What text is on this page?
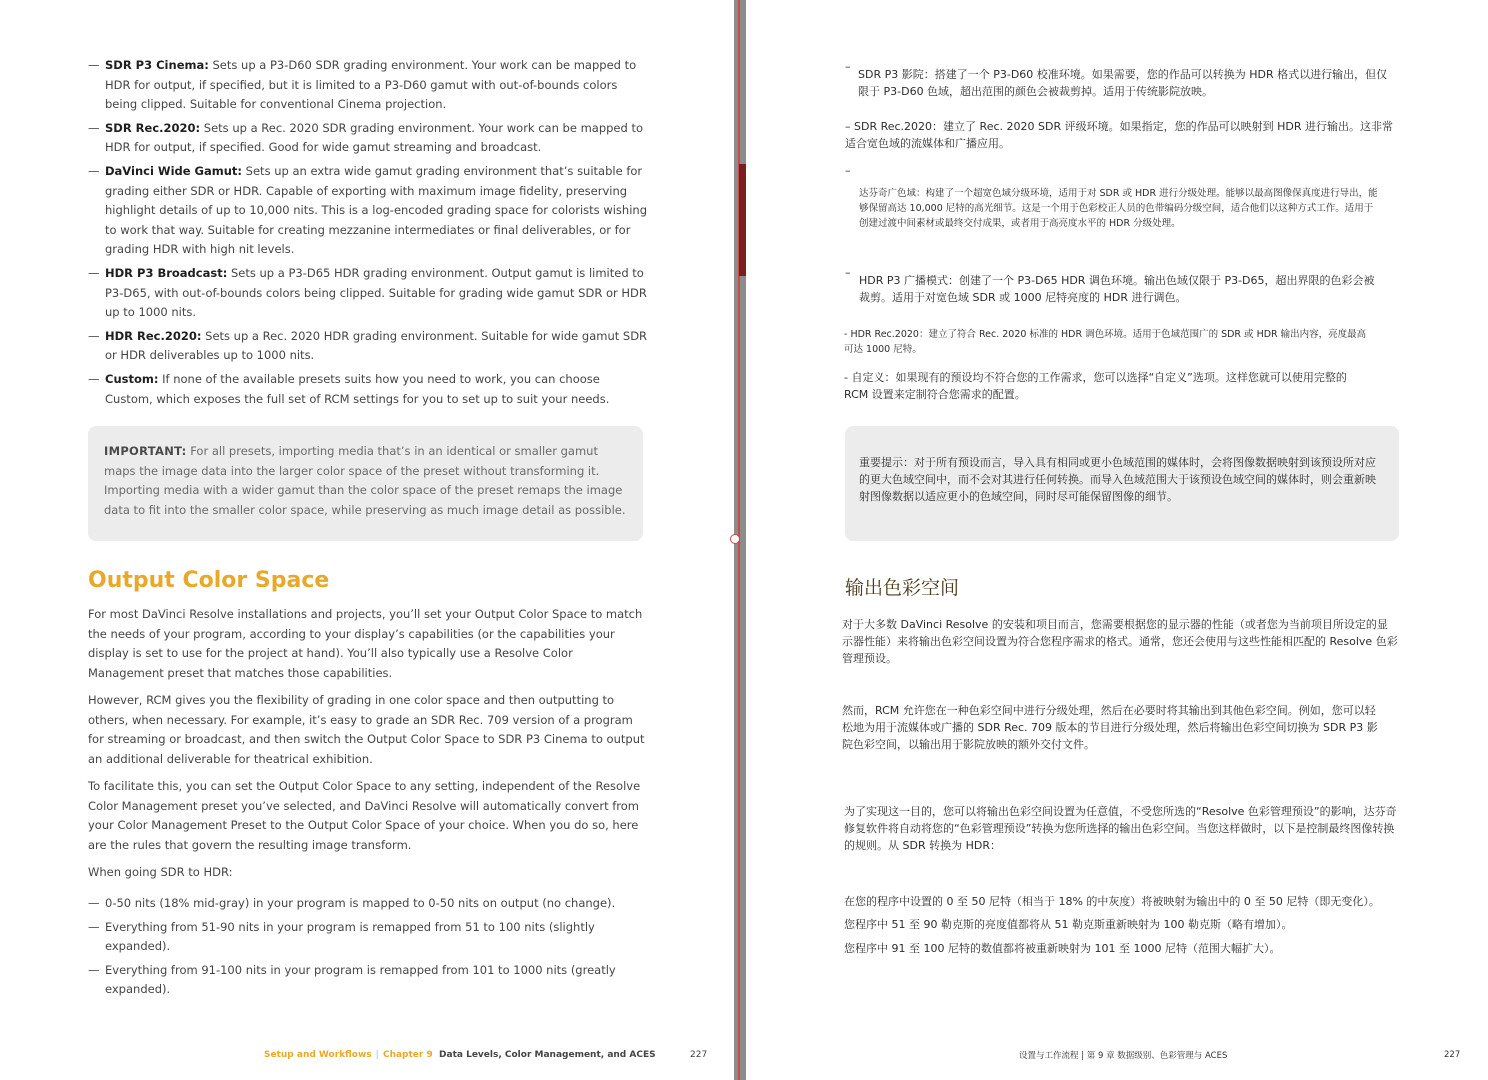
— SDR P3 Cinema: Sets up a P3-D60 SDR grading environment. Your work can be mapped to HDR for output, if specified, but it is limited to a P3-D60 gamut with out-of-bounds colors being clipped. Suitable for conventional Cinema projection.
— SDR Rec.2020: Sets up a Rec. 2020 SDR grading environment. Your work can be mapped to HDR for output, if specified. Good for wide gamut streaming and broadcast.
— DaVinci Wide Gamut: Sets up an extra wide gamut grading environment that’s suitable for grading either SDR or HDR. Capable of exporting with maximum image fidelity, preserving highlight details of up to 10,000 nits. This is a log-encoded grading space for colorists wishing to work that way. Suitable for creating mezzanine intermediates or final deliverables, or for grading HDR with high nit levels.
— HDR P3 Broadcast: Sets up a P3-D65 HDR grading environment. Output gamut is limited to P3-D65, with out-of-bounds colors being clipped. Suitable for grading wide gamut SDR or HDR up to 1000 nits.
— HDR Rec.2020: Sets up a Rec. 2020 HDR grading environment. Suitable for wide gamut SDR or HDR deliverables up to 1000 nits.
— Custom: If none of the available presets suits how you need to work, you can choose Custom, which exposes the full set of RCM settings for you to set up to suit your needs.
IMPORTANT: For all presets, importing media that’s in an identical or smaller gamut maps the image data into the larger color space of the preset without transforming it. Importing media with a wider gamut than the color space of the preset remaps the image data to fit into the smaller color space, while preserving as much image detail as possible.
Output Color Space

For most DaVinci Resolve installations and projects, you’ll set your Output Color Space to match the needs of your program, according to your display’s capabilities (or the capabilities your display is set to use for the project at hand). You’ll also typically use a Resolve Color Management preset that matches those capabilities.

However, RCM gives you the flexibility of grading in one color space and then outputting to others, when necessary. For example, it’s easy to grade an SDR Rec. 709 version of a program for streaming or broadcast, and then switch the Output Color Space to SDR P3 Cinema to output an additional deliverable for theatrical exhibition.

To facilitate this, you can set the Output Color Space to any setting, independent of the Resolve Color Management preset you’ve selected, and DaVinci Resolve will automatically convert from your Color Management Preset to the Output Color Space of your choice. When you do so, here are the rules that govern the resulting image transform.

When going SDR to HDR:

— 0-50 nits (18% mid-gray) in your program is mapped to 0-50 nits on output (no change).
— Everything from 51-90 nits in your program is remapped from 51 to 100 nits (slightly expanded).
— Everything from 91-100 nits in your program is remapped from 101 to 1000 nits (greatly expanded).
Setup and Workflows | Chapter 9 Data Levels, Color Management, and ACES	227
–

SDR P3 影院：搭建了一个 P3-D60 校准环境。如果需要，您的作品可以转换为 HDR 格式以进行输出，但仅限于 P3-D60 色域，超出范围的颜色会被裁剪掉。适用于传统影院放映。

– SDR Rec.2020：建立了 Rec. 2020 SDR 评级环境。如果指定，您的作品可以映射到 HDR 进行输出。这非常适合宽色域的流媒体和广播应用。

–

达芬奇广色域：构建了一个超宽色域分级环境，适用于对 SDR 或 HDR 进行分级处理。能够以最高图像保真度进行导出，能够保留高达 10,000 尼特的高光细节。这是一个用于色彩校正人员的色带编码分级空间，适合他们以这种方式工作。适用于创建过渡中间素材或最终交付成果，或者用于高亮度水平的 HDR 分级处理。

–

HDR P3 广播模式：创建了一个 P3-D65 HDR 调色环境。输出色域仅限于 P3-D65，超出界限的色彩会被裁剪。适用于对宽色域 SDR 或 1000 尼特亮度的 HDR 进行调色。

- HDR Rec.2020：建立了符合 Rec. 2020 标准的 HDR 调色环境。适用于色域范围广的 SDR 或 HDR 输出内容，亮度最高可达 1000 尼特。

- 自定义：如果现有的预设均不符合您的工作需求，您可以选择“自定义”选项。这样您就可以使用完整的 RCM 设置来定制符合您需求的配置。

重要提示：对于所有预设而言，导入具有相同或更小色域范围的媒体时，会将图像数据映射到该预设所对应的更大色域空间中，而不会对其进行任何转换。而导入色域范围大于该预设色域空间的媒体时，则会重新映射图像数据以适应更小的色域空间，同时尽可能保留图像的细节。
输出色彩空间

对于大多数 DaVinci Resolve 的安装和项目而言，您需要根据您的显示器的性能（或者您为当前项目所设定的显示器性能）来将输出色彩空间设置为符合您程序需求的格式。通常，您还会使用与这些性能相匹配的 Resolve 色彩管理预设。

然而，RCM 允许您在一种色彩空间中进行分级处理，然后在必要时将其输出到其他色彩空间。例如，您可以轻松地为用于流媒体或广播的 SDR Rec. 709 版本的节目进行分级处理，然后将输出色彩空间切换为 SDR P3 影院色彩空间，以输出用于影院放映的额外交付文件。

为了实现这一目的，您可以将输出色彩空间设置为任意值，不受您所选的“Resolve 色彩管理预设”的影响，达芬奇修复软件将自动将您的“色彩管理预设”转换为您所选择的输出色彩空间。当您这样做时，以下是控制最终图像转换的规则。从 SDR 转换为 HDR：

在您的程序中设置的 0 至 50 尼特（相当于 18% 的中灰度）将被映射为输出中的 0 至 50 尼特（即无变化）。

您程序中 51 至 90 勒克斯的亮度值都将从 51 勒克斯重新映射为 100 勒克斯（略有增加）。

您程序中 91 至 100 尼特的数值都将被重新映射为 101 至 1000 尼特（范围大幅扩大）。

设置与工作流程 | 第 9 章 数据级别、色彩管理与 ACES	227
